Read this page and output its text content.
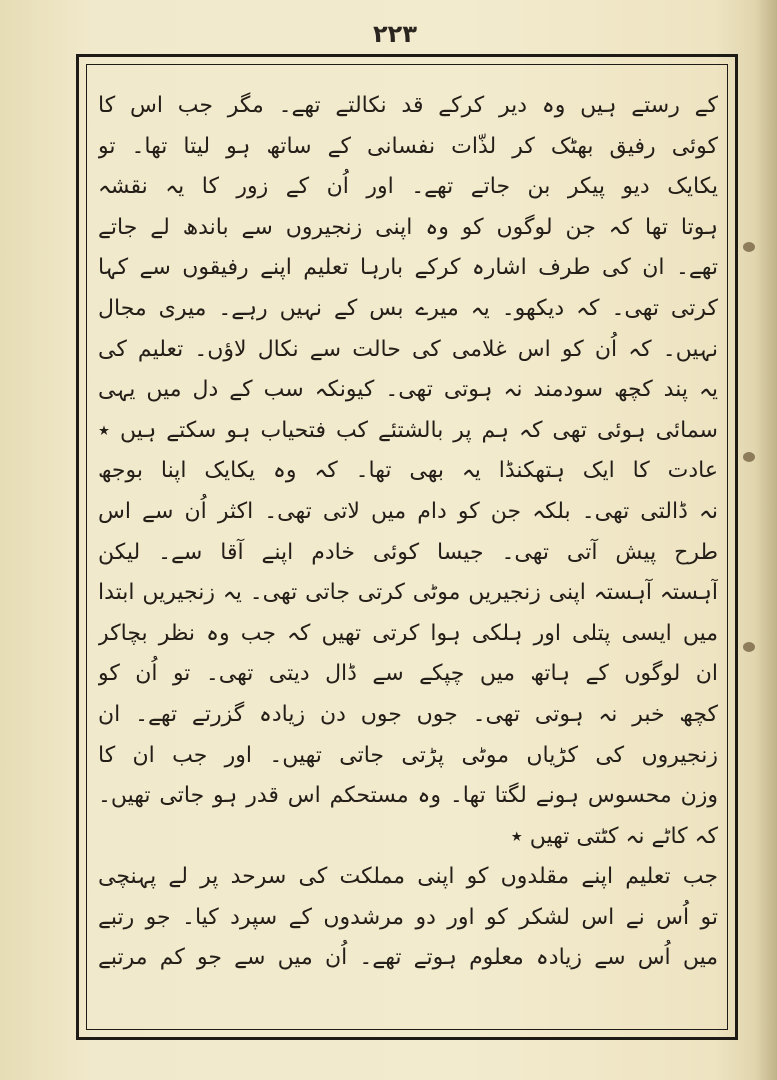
۲۲۳
کے رستے ہیں وہ دیر کرکے قد نکالتے تھے۔ مگر جب اس کا
کوئی رفیق بھٹک کر لذّات نفسانی کے ساتھ ہو لیتا تھا۔ تو
یکایک دیو پیکر بن جاتے تھے۔ اور اُن کے زور کا یہ نقشہ
ہوتا تھا کہ جن لوگوں کو وہ اپنی زنجیروں سے باندھ لے جاتے
تھے۔ ان کی طرف اشارہ کرکے بارہا تعلیم اپنے رفیقوں سے کہا
کرتی تھی۔ کہ دیکھو۔ یہ میرے بس کے نہیں رہے۔ میری مجال
نہیں۔ کہ اُن کو اس غلامی کی حالت سے نکال لاؤں۔ تعلیم کی
یہ پند کچھ سودمند نہ ہوتی تھی۔ کیونکہ سب کے دل میں یہی
سمائی ہوئی تھی کہ ہم پر بالشتئے کب فتحیاب ہو سکتے ہیں ٭
عادت کا ایک ہتھکنڈا یہ بھی تھا۔ کہ وہ یکایک اپنا بوجھ
نہ ڈالتی تھی۔ بلکہ جن کو دام میں لاتی تھی۔ اکثر اُن سے اس
طرح پیش آتی تھی۔ جیسا کوئی خادم اپنے آقا سے۔ لیکن
آہستہ آہستہ اپنی زنجیریں موٹی کرتی جاتی تھی۔ یہ زنجیریں ابتدا
میں ایسی پتلی اور ہلکی ہوا کرتی تھیں کہ جب وہ نظر بچاکر
ان لوگوں کے ہاتھ میں چپکے سے ڈال دیتی تھی۔ تو اُن کو
کچھ خبر نہ ہوتی تھی۔ جوں جوں دن زیادہ گزرتے تھے۔ ان
زنجیروں کی کڑیاں موٹی پڑتی جاتی تھیں۔ اور جب ان کا
وزن محسوس ہونے لگتا تھا۔ وہ مستحکم اس قدر ہو جاتی تھیں۔
کہ کاٹے نہ کٹتی تھیں ٭
جب تعلیم اپنے مقلدوں کو اپنی مملکت کی سرحد پر لے پہنچی
تو اُس نے اس لشکر کو اور دو مرشدوں کے سپرد کیا۔ جو رتبے
میں اُس سے زیادہ معلوم ہوتے تھے۔ اُن میں سے جو کم مرتبے
